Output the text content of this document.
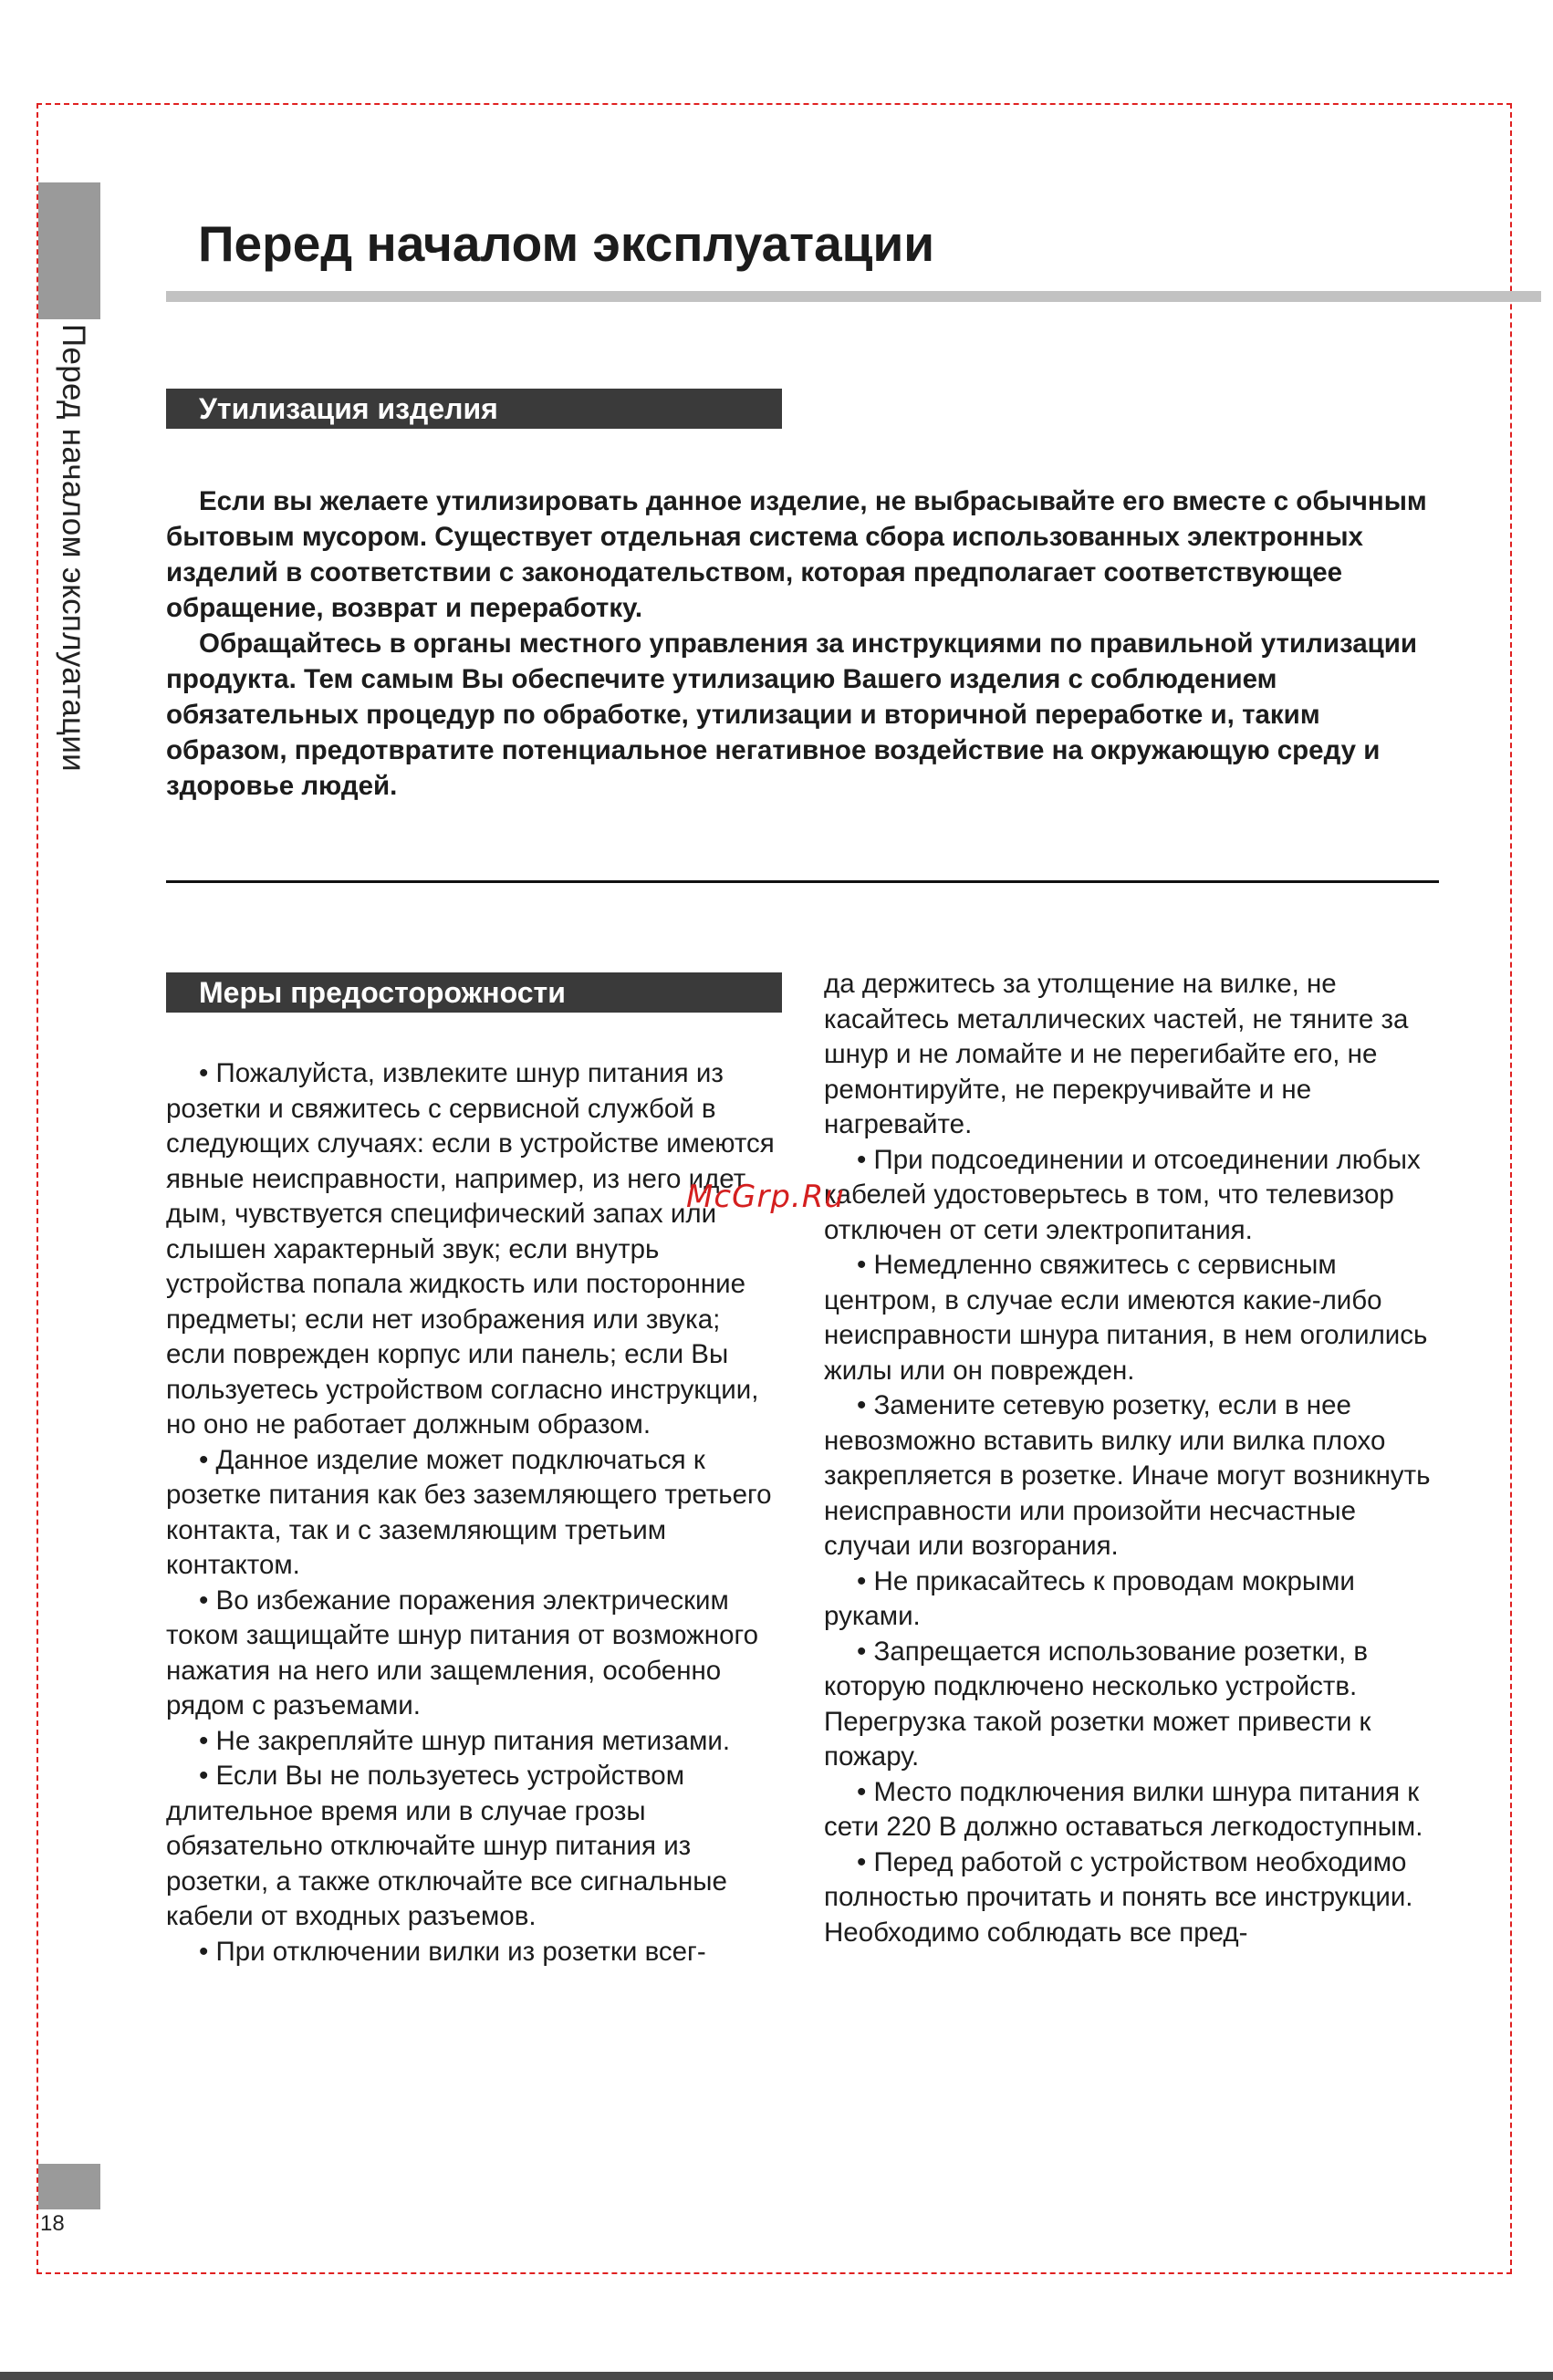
Перед началом эксплуатации
18
Перед началом эксплуатации
Утилизация изделия

Если вы желаете утилизировать данное изделие, не выбрасывайте его вместе с обычным бытовым мусором. Существует отдельная система сбора использованных электронных изделий в соответствии с законодательством, которая предполагает соответствующее обращение, возврат и переработку.

Обращайтесь в органы местного управления за инструкциями по правильной утилизации продукта. Тем самым Вы обеспечите утилизацию Вашего изделия с соблюдением обязательных процедур по обработке, утилизации и вторичной переработке и, таким образом, предотвратите потенциальное негативное воздействие на окружающую среду и здоровье людей.

Меры предосторожности

• Пожалуйста, извлеките шнур питания из розетки и свяжитесь с сервисной службой в следующих случаях: если в устройстве имеются явные неисправности, например, из него идет дым, чувствуется специфический запах или слышен характерный звук; если внутрь устройства попала жидкость или посторонние предметы; если нет изображения или звука; если поврежден корпус или панель; если Вы пользуетесь устройством согласно инструкции, но оно не работает должным образом.

• Данное изделие может подключаться к розетке питания как без заземляющего третьего контакта, так и с заземляющим третьим контактом.

• Во избежание поражения электрическим током защищайте шнур питания от возможного нажатия на него или защемления, особенно рядом с разъемами.

• Не закрепляйте шнур питания метизами.

• Если Вы не пользуетесь устройством длительное время или в случае грозы обязательно отключайте шнур питания из розетки, а также отключайте все сигнальные кабели от входных разъемов.

• При отключении вилки из розетки всег-

да держитесь за утолщение на вилке, не касайтесь металлических частей, не тяните за шнур и не ломайте и не перегибайте его, не ремонтируйте, не перекручивайте и не нагревайте.

• При подсоединении и отсоединении любых кабелей удостоверьтесь в том, что телевизор отключен от сети электропитания.

• Немедленно свяжитесь с сервисным центром, в случае если имеются какие-либо неисправности шнура питания, в нем оголились жилы или он поврежден.

• Замените сетевую розетку, если в нее невозможно вставить вилку или вилка плохо закрепляется в розетке. Иначе могут возникнуть неисправности или произойти несчастные случаи или возгорания.

• Не прикасайтесь к проводам мокрыми руками.

• Запрещается использование розетки, в которую подключено несколько устройств. Перегрузка такой розетки может привести к пожару.

• Место подключения вилки шнура питания к сети 220 В должно оставаться легкодоступным.

• Перед работой с устройством необходимо полностью прочитать и понять все инструкции. Необходимо соблюдать все пред-

McGrp.Ru
